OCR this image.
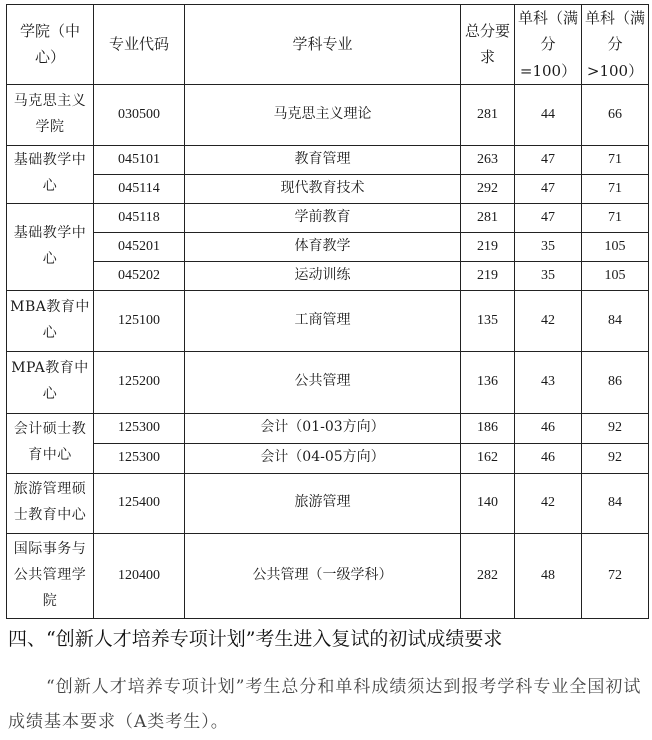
学院（中心）	专业代码	学科专业	总分要求	单科（满分=100）	单科（满分>100）
马克思主义学院	030500	马克思主义理论	281	44	66
基础教学中心	045101	教育管理	263	47	71
	045114	现代教育技术	292	47	71
基础教学中心	045118	学前教育	281	47	71
	045201	体育教学	219	35	105
	045202	运动训练	219	35	105
MBA教育中心	125100	工商管理	135	42	84
MPA教育中心	125200	公共管理	136	43	86
会计硕士教育中心	125300	会计（01-03方向）	186	46	92
	125300	会计（04-05方向）	162	46	92
旅游管理硕士教育中心	125400	旅游管理	140	42	84
国际事务与公共管理学院	120400	公共管理（一级学科）	282	48	72
四、“创新人才培养专项计划”考生进入复试的初试成绩要求
“创新人才培养专项计划”考生总分和单科成绩须达到报考学科专业全国初试成绩基本要求（A类考生）。
